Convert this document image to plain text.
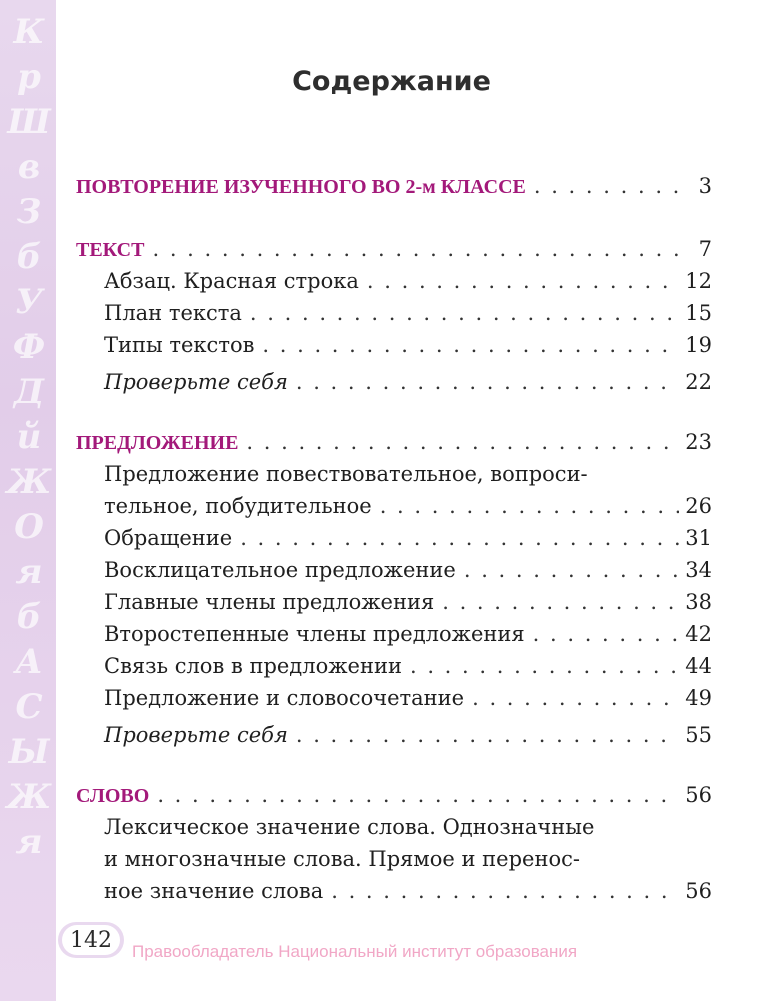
К
р
Ш
в
З
б
У
Ф
Д
й
Ж
О
я
б
А
С
Ы
Ж
я
Содержание
ПОВТОРЕНИЕ ИЗУЧЕННОГО ВО 2-м КЛАССЕ . . .	3
ТЕКСТ . . .	7
Абзац. Красная строка . . .	12
План текста . . .	15
Типы текстов . . .	19
Проверьте себя . . .	22
ПРЕДЛОЖЕНИЕ . . .	23
Предложение повествовательное, вопроси-
тельное, побудительное . . .	26
Обращение . . .	31
Восклицательное предложение . . .	34
Главные члены предложения . . .	38
Второстепенные члены предложения . . .	42
Связь слов в предложении . . .	44
Предложение и словосочетание . . .	49
Проверьте себя . . .	55
СЛОВО . . .	56
Лексическое значение слова. Однозначные
и многозначные слова. Прямое и перенос-
ное значение слова . . .	56
142	Правообладатель Национальный институт образования
